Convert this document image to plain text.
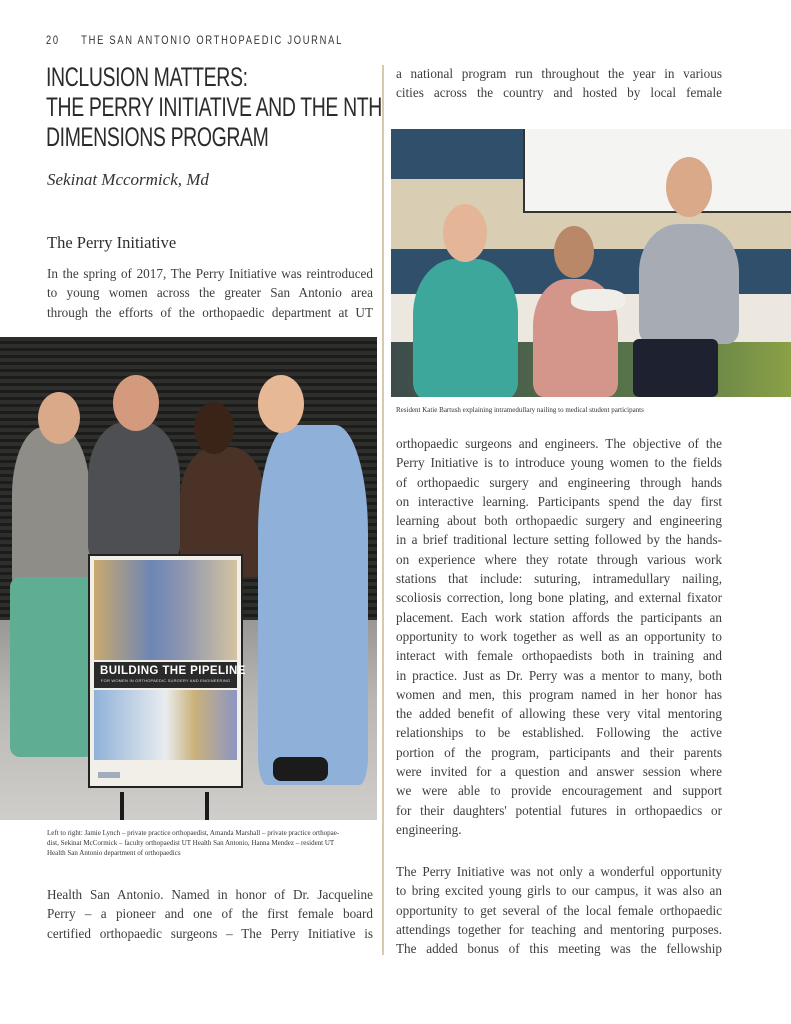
20 THE SAN ANTONIO ORTHOPAEDIC JOURNAL
INCLUSION MATTERS:
THE PERRY INITIATIVE AND THE NTH
DIMENSIONS PROGRAM
Sekinat Mccormick, Md
The Perry Initiative

In the spring of 2017, The Perry Initiative was reintroduced
to young women across the greater San Antonio area
through the efforts of the orthopaedic department at UT

BUILDING THE PIPELINE
FOR WOMEN IN ORTHOPAEDIC SURGERY AND ENGINEERING

Left to right: Jamie Lynch – private practice orthopaedist, Amanda Marshall – private practice orthopae-
dist, Sekinat McCormick – faculty orthopaedist UT Health San Antonio, Hanna Mendez – resident UT
Health San Antonio department of orthopaedics

Health San Antonio. Named in honor of Dr. Jacqueline
Perry – a pioneer and one of the first female board
certified orthopaedic surgeons – The Perry Initiative is

a national program run throughout the year in various
cities across the country and hosted by local female

Resident Katie Bartush explaining intramedullary nailing to medical student participants

orthopaedic surgeons and engineers. The objective of the
Perry Initiative is to introduce young women to the fields
of orthopaedic surgery and engineering through hands
on interactive learning. Participants spend the day first
learning about both orthopaedic surgery and engineering
in a brief traditional lecture setting followed by the hands-
on experience where they rotate through various work
stations that include: suturing, intramedullary nailing,
scoliosis correction, long bone plating, and external fixator
placement. Each work station affords the participants an
opportunity to work together as well as an opportunity to
interact with female orthopaedists both in training and
in practice. Just as Dr. Perry was a mentor to many, both
women and men, this program named in her honor has
the added benefit of allowing these very vital mentoring
relationships to be established. Following the active
portion of the program, participants and their parents
were invited for a question and answer session where
we were able to provide encouragement and support
for their daughters' potential futures in orthopaedics or
engineering.

The Perry Initiative was not only a wonderful opportunity
to bring excited young girls to our campus, it was also an
opportunity to get several of the local female orthopaedic
attendings together for teaching and mentoring purposes.
The added bonus of this meeting was the fellowship
